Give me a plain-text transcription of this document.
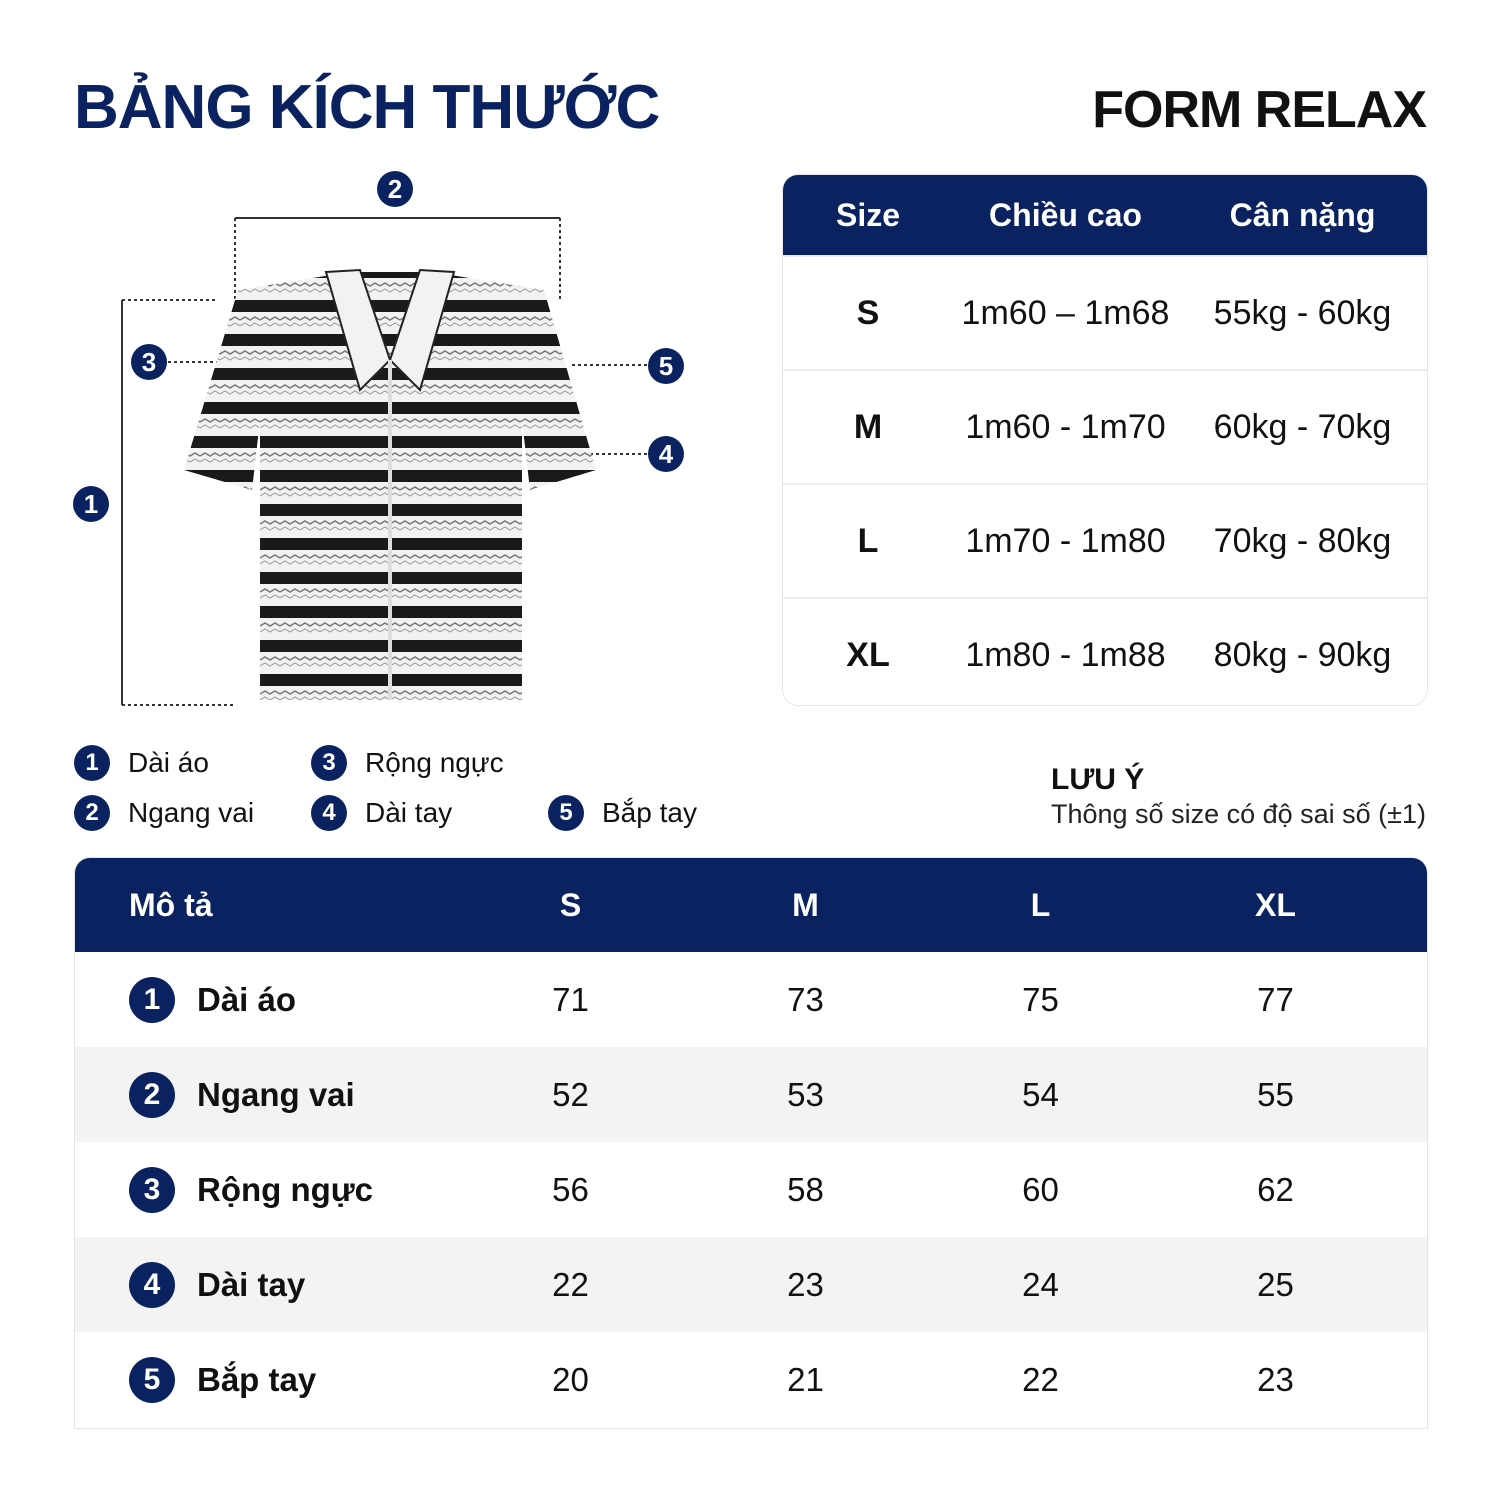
BẢNG KÍCH THƯỚC	FORM RELAX
1
2
3
4
5
Size	Chiều cao	Cân nặng
S	1m60 – 1m68	55kg - 60kg
M	1m60 - 1m70	60kg - 70kg
L	1m70 - 1m80	70kg - 80kg
XL	1m80 - 1m88	80kg - 90kg
1	Dài áo
2	Ngang vai
3	Rộng ngực
4	Dài tay	5	Bắp tay
LƯU Ý
Thông số size có độ sai số (±1)
Mô tả	S	M	L	XL
1	Dài áo	71	73	75	77
2	Ngang vai	52	53	54	55
3	Rộng ngực	56	58	60	62
4	Dài tay	22	23	24	25
5	Bắp tay	20	21	22	23
